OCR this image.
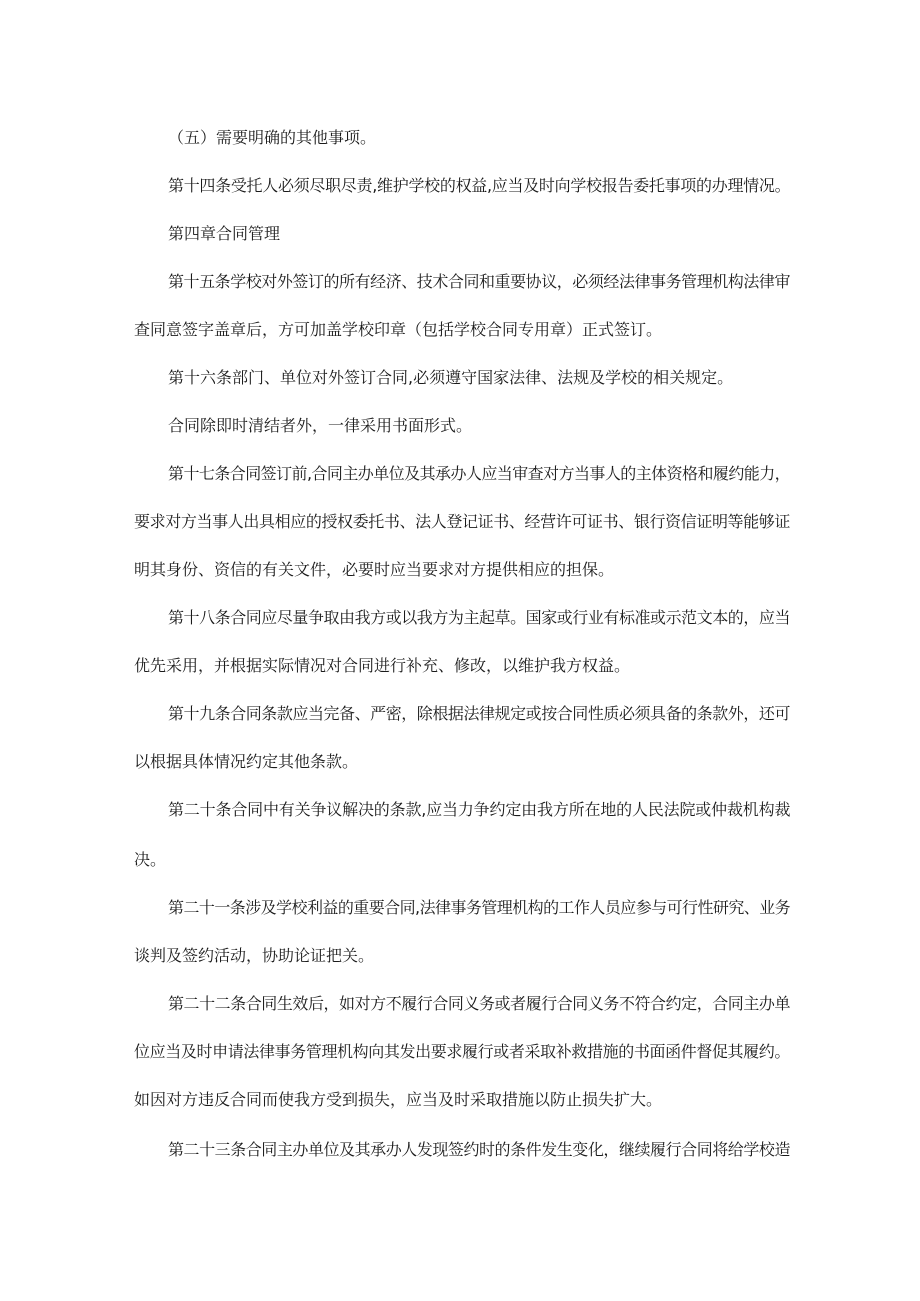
（五）需要明确的其他事项。
第十四条受托人必须尽职尽责,维护学校的权益,应当及时向学校报告委托事项的办理情况。
第四章合同管理
第十五条学校对外签订的所有经济、技术合同和重要协议，必须经法律事务管理机构法律审
查同意签字盖章后，方可加盖学校印章（包括学校合同专用章）正式签订。
第十六条部门、单位对外签订合同,必须遵守国家法律、法规及学校的相关规定。
合同除即时清结者外，一律采用书面形式。
第十七条合同签订前,合同主办单位及其承办人应当审查对方当事人的主体资格和履约能力，
要求对方当事人出具相应的授权委托书、法人登记证书、经营许可证书、银行资信证明等能够证
明其身份、资信的有关文件，必要时应当要求对方提供相应的担保。
第十八条合同应尽量争取由我方或以我方为主起草。国家或行业有标准或示范文本的，应当
优先采用，并根据实际情况对合同进行补充、修改，以维护我方权益。
第十九条合同条款应当完备、严密，除根据法律规定或按合同性质必须具备的条款外，还可
以根据具体情况约定其他条款。
第二十条合同中有关争议解决的条款,应当力争约定由我方所在地的人民法院或仲裁机构裁
决。
第二十一条涉及学校利益的重要合同,法律事务管理机构的工作人员应参与可行性研究、业务
谈判及签约活动，协助论证把关。
第二十二条合同生效后，如对方不履行合同义务或者履行合同义务不符合约定，合同主办单
位应当及时申请法律事务管理机构向其发出要求履行或者采取补救措施的书面函件督促其履约。
如因对方违反合同而使我方受到损失，应当及时采取措施以防止损失扩大。
第二十三条合同主办单位及其承办人发现签约时的条件发生变化，继续履行合同将给学校造
